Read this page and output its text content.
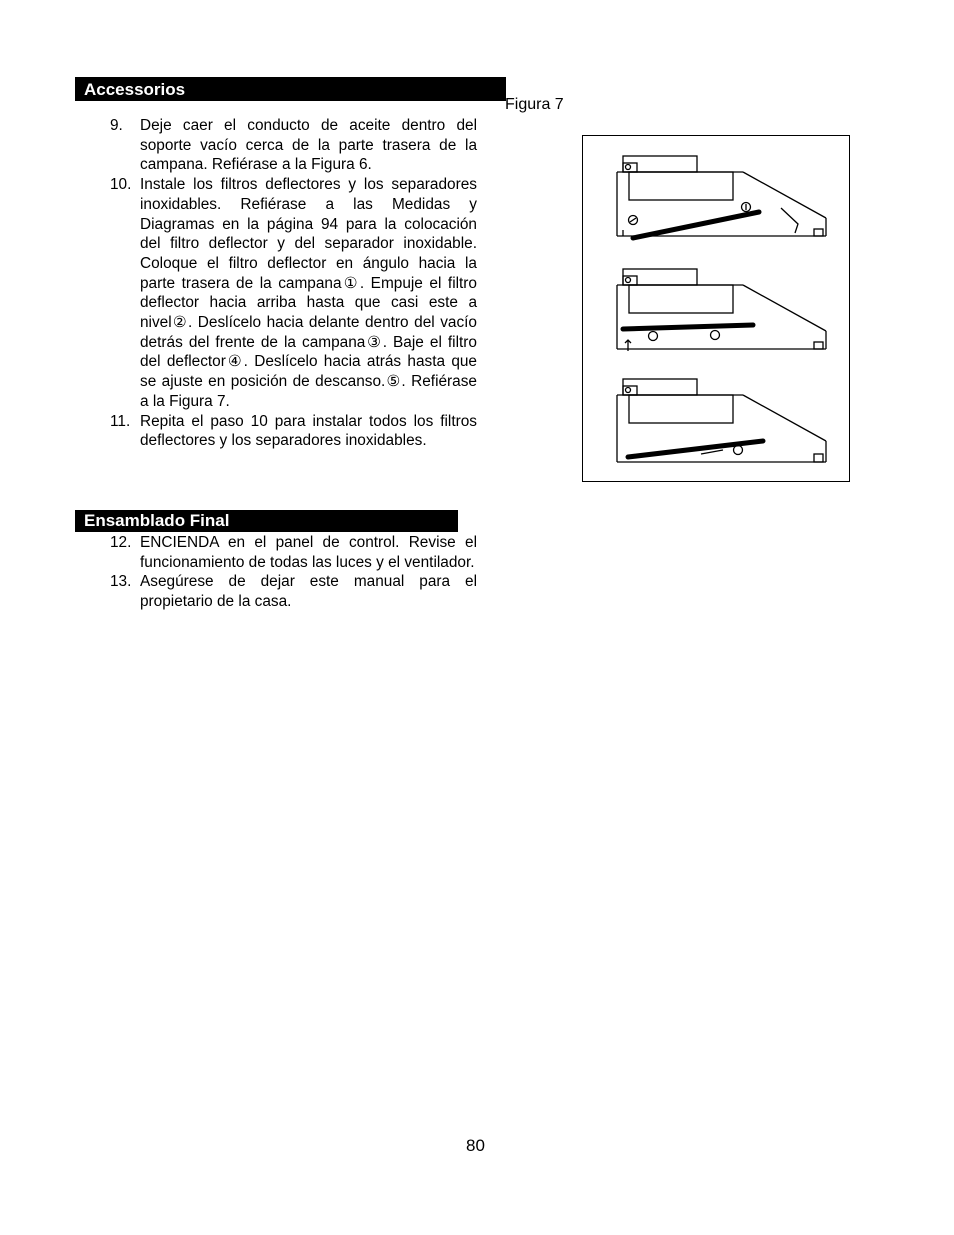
Accessorios
9.	Deje caer el conducto de aceite dentro del soporte vacío cerca de la parte trasera de la campana. Refiérase a la Figura 6.
10. Instale los filtros deflectores y los separadores inoxidables. Refiérase a las Medidas y Diagramas en la página 94 para la colocación del filtro deflector y del separador inoxidable. Coloque el filtro deflector en ángulo hacia la parte trasera de la campana①. Empuje el filtro deflector hacia arriba hasta que casi este a nivel②. Deslícelo hacia delante dentro del vacío detrás del frente de la campana③. Baje el filtro del deflector④. Deslícelo hacia atrás hasta que se ajuste en posición de descanso.⑤. Refiérase a la Figura 7.
11. Repita el paso 10 para instalar todos los filtros deflectores y los separadores inoxidables.
Ensamblado Final
12. ENCIENDA en el panel de control. Revise el funcionamiento de todas las luces y el ventilador.
13. Asegúrese de dejar este manual para el propietario de la casa.
Figura 7
80
